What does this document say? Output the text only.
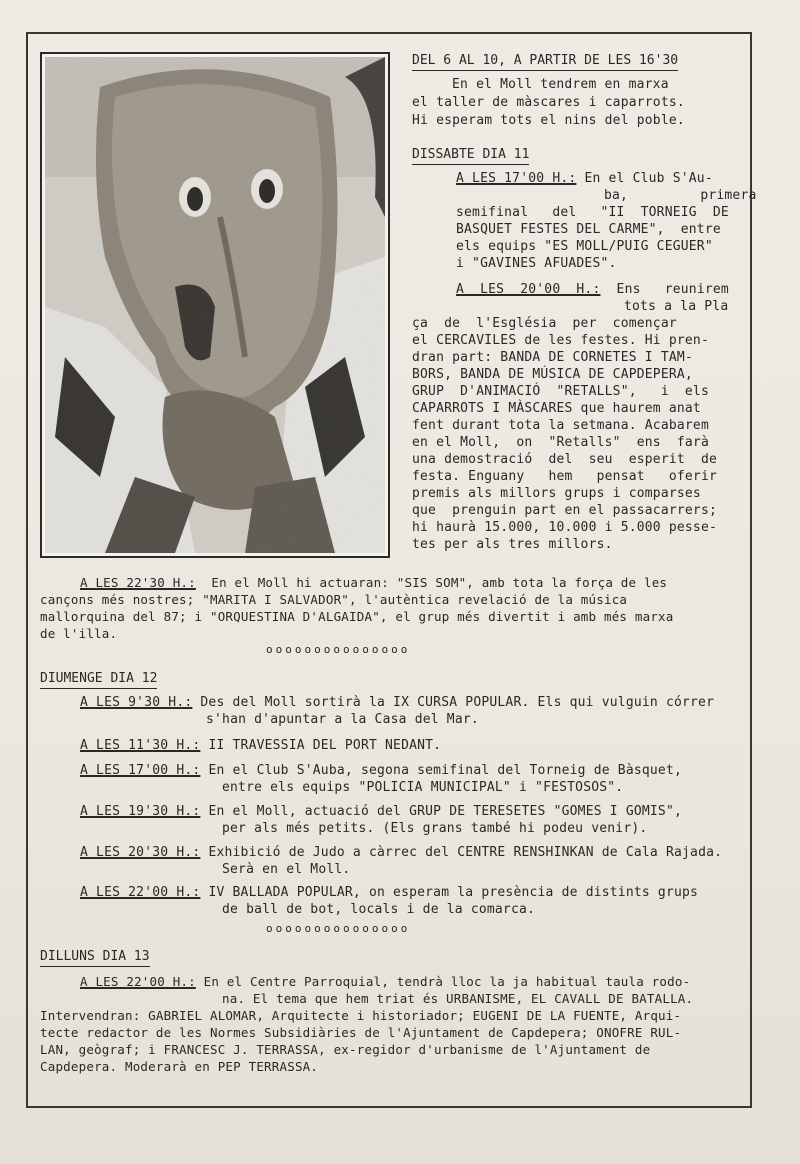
DEL 6 AL 10, A PARTIR DE LES 16'30
En el Moll tendrem en marxa
el taller de màscares i caparrots.
Hi esperam tots el nins del poble.
DISSABTE DIA 11
A LES 17'00 H.: En el Club S'Au-
ba,         primera
semifinal   del   "II  TORNEIG  DE
BASQUET FESTES DEL CARME",  entre
els equips "ES MOLL/PUIG CEGUER"
i "GAVINES AFUADES".
A  LES  20'00  H.: Ens   reunirem
tots a la Pla
ça  de  l'Església  per  començar
el CERCAVILES de les festes. Hi pren-
dran part: BANDA DE CORNETES I TAM-
BORS, BANDA DE MÚSICA DE CAPDEPERA,
GRUP  D'ANIMACIÓ  "RETALLS",   i  els
CAPARROTS I MÀSCARES que haurem anat
fent durant tota la setmana. Acabarem
en el Moll,  on  "Retalls"  ens  farà
una demostració  del  seu  esperit  de
festa. Enguany   hem   pensat   oferir
premis als millors grups i comparses
que  prenguin part en el passacarrers;
hi haurà 15.000, 10.000 i 5.000 pesse-
tes per als tres millors.
A LES 22'30 H.: En el Moll hi actuaran: "SIS SOM", amb tota la força de les
cançons més nostres; "MARITA I SALVADOR", l'autèntica revelació de la música
mallorquina del 87; i "ORQUESTINA D'ALGAIDA", el grup més divertit i amb més marxa
de l'illa.
ooooooooooooooo
DIUMENGE DIA 12
A LES 9'30 H.: Des del Moll sortirà la IX CURSA POPULAR. Els qui vulguin córrer
s'han d'apuntar a la Casa del Mar.
A LES 11'30 H.: II TRAVESSIA DEL PORT NEDANT.
A LES 17'00 H.: En el Club S'Auba, segona semifinal del Torneig de Bàsquet,
entre els equips "POLICIA MUNICIPAL" i "FESTOSOS".
A LES 19'30 H.: En el Moll, actuació del GRUP DE TERESETES "GOMES I GOMIS",
per als més petits. (Els grans també hi podeu venir).
A LES 20'30 H.: Exhibició de Judo a càrrec del CENTRE RENSHINKAN de Cala Rajada.
Serà en el Moll.
A LES 22'00 H.: IV BALLADA POPULAR, on esperam la presència de distints grups
de ball de bot, locals i de la comarca.
ooooooooooooooo
DILLUNS DIA 13
A LES 22'00 H.: En el Centre Parroquial, tendrà lloc la ja habitual taula rodo-
na. El tema que hem triat és URBANISME, EL CAVALL DE BATALLA.
Intervendran: GABRIEL ALOMAR, Arquitecte i historiador; EUGENI DE LA FUENTE, Arqui-
tecte redactor de les Normes Subsidiàries de l'Ajuntament de Capdepera; ONOFRE RUL-
LAN, geògraf; i FRANCESC J. TERRASSA, ex-regidor d'urbanisme de l'Ajuntament de
Capdepera. Moderarà en PEP TERRASSA.
